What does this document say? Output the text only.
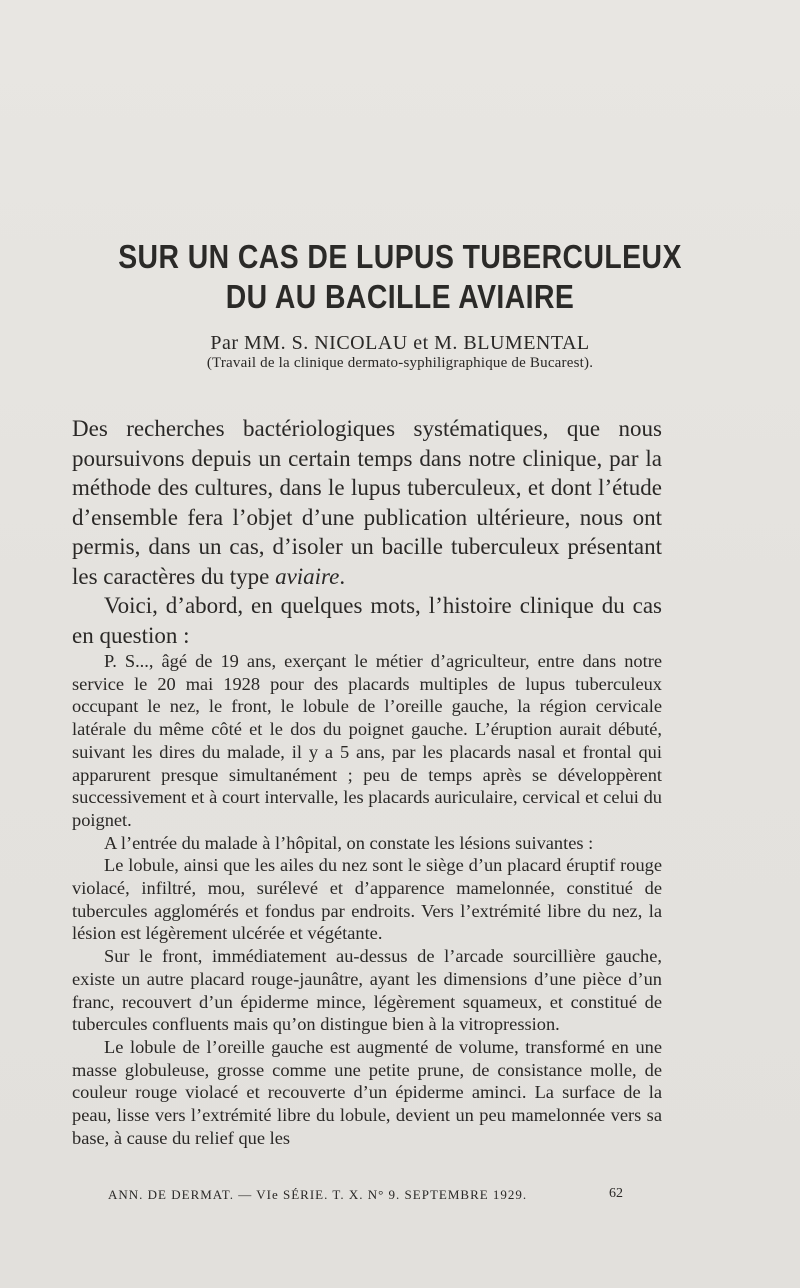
SUR UN CAS DE LUPUS TUBERCULEUX
DU AU BACILLE AVIAIRE
Par MM. S. NICOLAU et M. BLUMENTAL
(Travail de la clinique dermato-syphiligraphique de Bucarest).

Des recherches bactériologiques systématiques, que nous poursuivons depuis un certain temps dans notre clinique, par la méthode des cultures, dans le lupus tuberculeux, et dont l’étude d’ensemble fera l’objet d’une publication ultérieure, nous ont permis, dans un cas, d’isoler un bacille tuberculeux présentant les caractères du type aviaire.

Voici, d’abord, en quelques mots, l’histoire clinique du cas en question :

P. S..., âgé de 19 ans, exerçant le métier d’agriculteur, entre dans notre service le 20 mai 1928 pour des placards multiples de lupus tuberculeux occupant le nez, le front, le lobule de l’oreille gauche, la région cervicale latérale du même côté et le dos du poignet gauche. L’éruption aurait débuté, suivant les dires du malade, il y a 5 ans, par les placards nasal et frontal qui apparurent presque simultanément ; peu de temps après se développèrent successivement et à court intervalle, les placards auriculaire, cervical et celui du poignet.

A l’entrée du malade à l’hôpital, on constate les lésions suivantes :

Le lobule, ainsi que les ailes du nez sont le siège d’un placard éruptif rouge violacé, infiltré, mou, surélevé et d’apparence mamelonnée, constitué de tubercules agglomérés et fondus par endroits. Vers l’extrémité libre du nez, la lésion est légèrement ulcérée et végétante.

Sur le front, immédiatement au-dessus de l’arcade sourcillière gauche, existe un autre placard rouge-jaunâtre, ayant les dimensions d’une pièce d’un franc, recouvert d’un épiderme mince, légèrement squameux, et constitué de tubercules confluents mais qu’on distingue bien à la vitropression.

Le lobule de l’oreille gauche est augmenté de volume, transformé en une masse globuleuse, grosse comme une petite prune, de consistance molle, de couleur rouge violacé et recouverte d’un épiderme aminci. La surface de la peau, lisse vers l’extrémité libre du lobule, devient un peu mamelonnée vers sa base, à cause du relief que les

ANN. DE DERMAT. — VIe SÉRIE. T. X. N° 9. SEPTEMBRE 1929.	62
